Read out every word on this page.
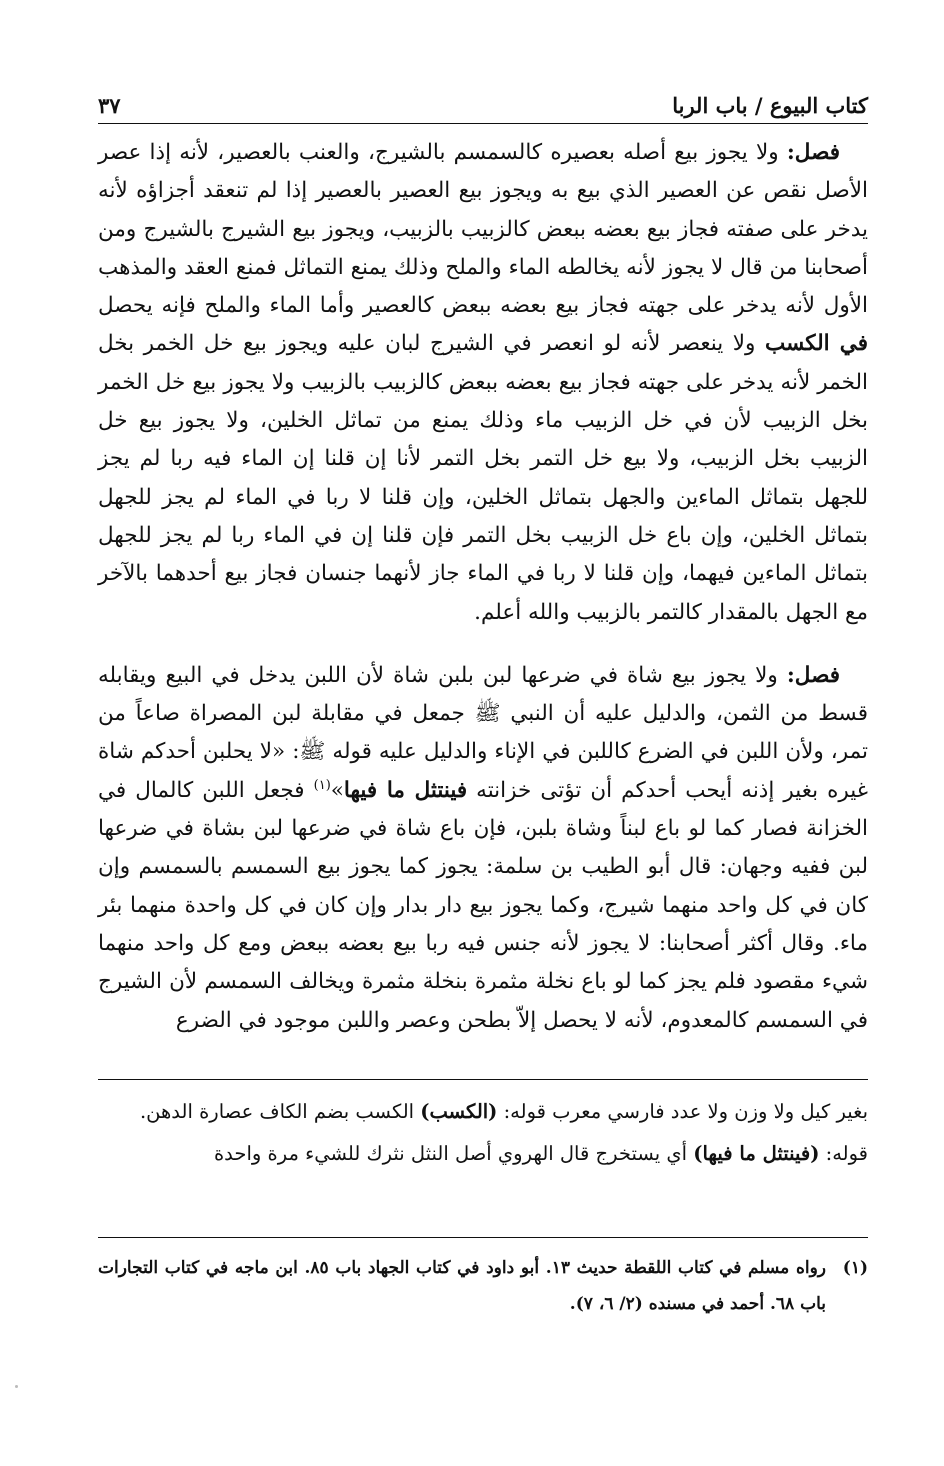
كتاب البيوع / باب الربا
٣٧

فصل: ولا يجوز بيع أصله بعصيره كالسمسم بالشيرج، والعنب بالعصير، لأنه إذا عصر الأصل نقص عن العصير الذي بيع به ويجوز بيع العصير بالعصير إذا لم تنعقد أجزاؤه لأنه يدخر على صفته فجاز بيع بعضه ببعض كالزبيب بالزبيب، ويجوز بيع الشيرج بالشيرج ومن أصحابنا من قال لا يجوز لأنه يخالطه الماء والملح وذلك يمنع التماثل فمنع العقد والمذهب الأول لأنه يدخر على جهته فجاز بيع بعضه ببعض كالعصير وأما الماء والملح فإنه يحصل في الكسب ولا ينعصر لأنه لو انعصر في الشيرج لبان عليه ويجوز بيع خل الخمر بخل الخمر لأنه يدخر على جهته فجاز بيع بعضه ببعض كالزبيب بالزبيب ولا يجوز بيع خل الخمر بخل الزبيب لأن في خل الزبيب ماء وذلك يمنع من تماثل الخلين، ولا يجوز بيع خل الزبيب بخل الزبيب، ولا بيع خل التمر بخل التمر لأنا إن قلنا إن الماء فيه ربا لم يجز للجهل بتماثل الماءين والجهل بتماثل الخلين، وإن قلنا لا ربا في الماء لم يجز للجهل بتماثل الخلين، وإن باع خل الزبيب بخل التمر فإن قلنا إن في الماء ربا لم يجز للجهل بتماثل الماءين فيهما، وإن قلنا لا ربا في الماء جاز لأنهما جنسان فجاز بيع أحدهما بالآخر مع الجهل بالمقدار كالتمر بالزبيب والله أعلم.

فصل: ولا يجوز بيع شاة في ضرعها لبن بلبن شاة لأن اللبن يدخل في البيع ويقابله قسط من الثمن، والدليل عليه أن النبي ﷺ جمعل في مقابلة لبن المصراة صاعاً من تمر، ولأن اللبن في الضرع كاللبن في الإناء والدليل عليه قوله ﷺ: «لا يحلبن أحدكم شاة غيره بغير إذنه أيحب أحدكم أن تؤتى خزانته فينتثل ما فيها»$^{(١)}$ فجعل اللبن كالمال في الخزانة فصار كما لو باع لبناً وشاة بلبن، فإن باع شاة في ضرعها لبن بشاة في ضرعها لبن ففيه وجهان: قال أبو الطيب بن سلمة: يجوز كما يجوز بيع السمسم بالسمسم وإن كان في كل واحد منهما شيرج، وكما يجوز بيع دار بدار وإن كان في كل واحدة منهما بئر ماء. وقال أكثر أصحابنا: لا يجوز لأنه جنس فيه ربا بيع بعضه ببعض ومع كل واحد منهما شيء مقصود فلم يجز كما لو باع نخلة مثمرة بنخلة مثمرة ويخالف السمسم لأن الشيرج في السمسم كالمعدوم، لأنه لا يحصل إلاّ بطحن وعصر واللبن موجود في الضرع

بغير كيل ولا وزن ولا عدد فارسي معرب قوله: (الكسب) الكسب بضم الكاف عصارة الدهن.

قوله: (فينتثل ما فيها) أي يستخرج قال الهروي أصل النثل نثرك للشيء مرة واحدة

(١)
رواه مسلم في كتاب اللقطة حديث ١٣. أبو داود في كتاب الجهاد باب ٨٥. ابن ماجه في كتاب التجارات باب ٦٨. أحمد في مسنده (٢/ ٦، ٧).
